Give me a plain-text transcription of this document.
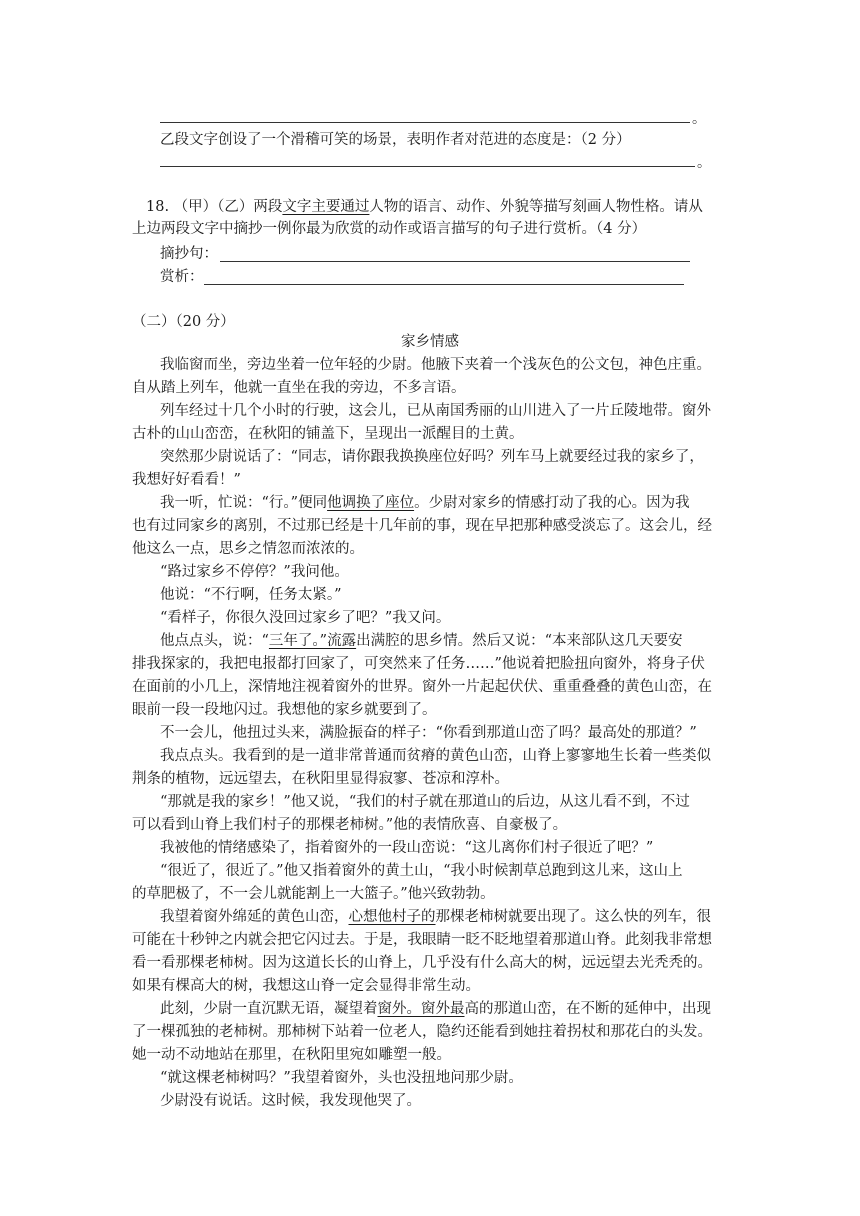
。
乙段文字创设了一个滑稽可笑的场景，表明作者对范进的态度是：（2 分）
。
18. （甲）（乙）两段文字主要通过人物的语言、动作、外貌等描写刻画人物性格。请从
上边两段文字中摘抄一例你最为欣赏的动作或语言描写的句子进行赏析。（4 分）
摘抄句：
赏析：
（二）（20 分）
家乡情感
我临窗而坐，旁边坐着一位年轻的少尉。他腋下夹着一个浅灰色的公文包，神色庄重。
自从踏上列车，他就一直坐在我的旁边，不多言语。
列车经过十几个小时的行驶，这会儿，已从南国秀丽的山川进入了一片丘陵地带。窗外
古朴的山山峦峦，在秋阳的铺盖下，呈现出一派醒目的土黄。
突然那少尉说话了：“同志，请你跟我换换座位好吗？列车马上就要经过我的家乡了，
我想好好看看！”
我一听，忙说：“行。”便同他调换了座位。少尉对家乡的情感打动了我的心。因为我
也有过同家乡的离别，不过那已经是十几年前的事，现在早把那种感受淡忘了。这会儿，经
他这么一点，思乡之情忽而浓浓的。
“路过家乡不停停？”我问他。
他说：“不行啊，任务太紧。”
“看样子，你很久没回过家乡了吧？”我又问。
他点点头，说：“三年了。”流露出满腔的思乡情。然后又说：“本来部队这几天要安
排我探家的，我把电报都打回家了，可突然来了任务……”他说着把脸扭向窗外，将身子伏
在面前的小几上，深情地注视着窗外的世界。窗外一片起起伏伏、重重叠叠的黄色山峦，在
眼前一段一段地闪过。我想他的家乡就要到了。
不一会儿，他扭过头来，满脸振奋的样子：“你看到那道山峦了吗？最高处的那道？”
我点点头。我看到的是一道非常普通而贫瘠的黄色山峦，山脊上寥寥地生长着一些类似
荆条的植物，远远望去，在秋阳里显得寂寥、苍凉和淳朴。
“那就是我的家乡！”他又说，“我们的村子就在那道山的后边，从这儿看不到，不过
可以看到山脊上我们村子的那棵老柿树。”他的表情欣喜、自豪极了。
我被他的情绪感染了，指着窗外的一段山峦说：“这儿离你们村子很近了吧？”
“很近了，很近了。”他又指着窗外的黄土山，“我小时候割草总跑到这儿来，这山上
的草肥极了，不一会儿就能割上一大篮子。”他兴致勃勃。
我望着窗外绵延的黄色山峦，心想他村子的那棵老柿树就要出现了。这么快的列车，很
可能在十秒钟之内就会把它闪过去。于是，我眼睛一眨不眨地望着那道山脊。此刻我非常想
看一看那棵老柿树。因为这道长长的山脊上，几乎没有什么高大的树，远远望去光秃秃的。
如果有棵高大的树，我想这山脊一定会显得非常生动。
此刻，少尉一直沉默无语，凝望着窗外。窗外最高的那道山峦，在不断的延伸中，出现
了一棵孤独的老柿树。那柿树下站着一位老人，隐约还能看到她拄着拐杖和那花白的头发。
她一动不动地站在那里，在秋阳里宛如雕塑一般。
“就这棵老柿树吗？”我望着窗外，头也没扭地问那少尉。
少尉没有说话。这时候，我发现他哭了。
